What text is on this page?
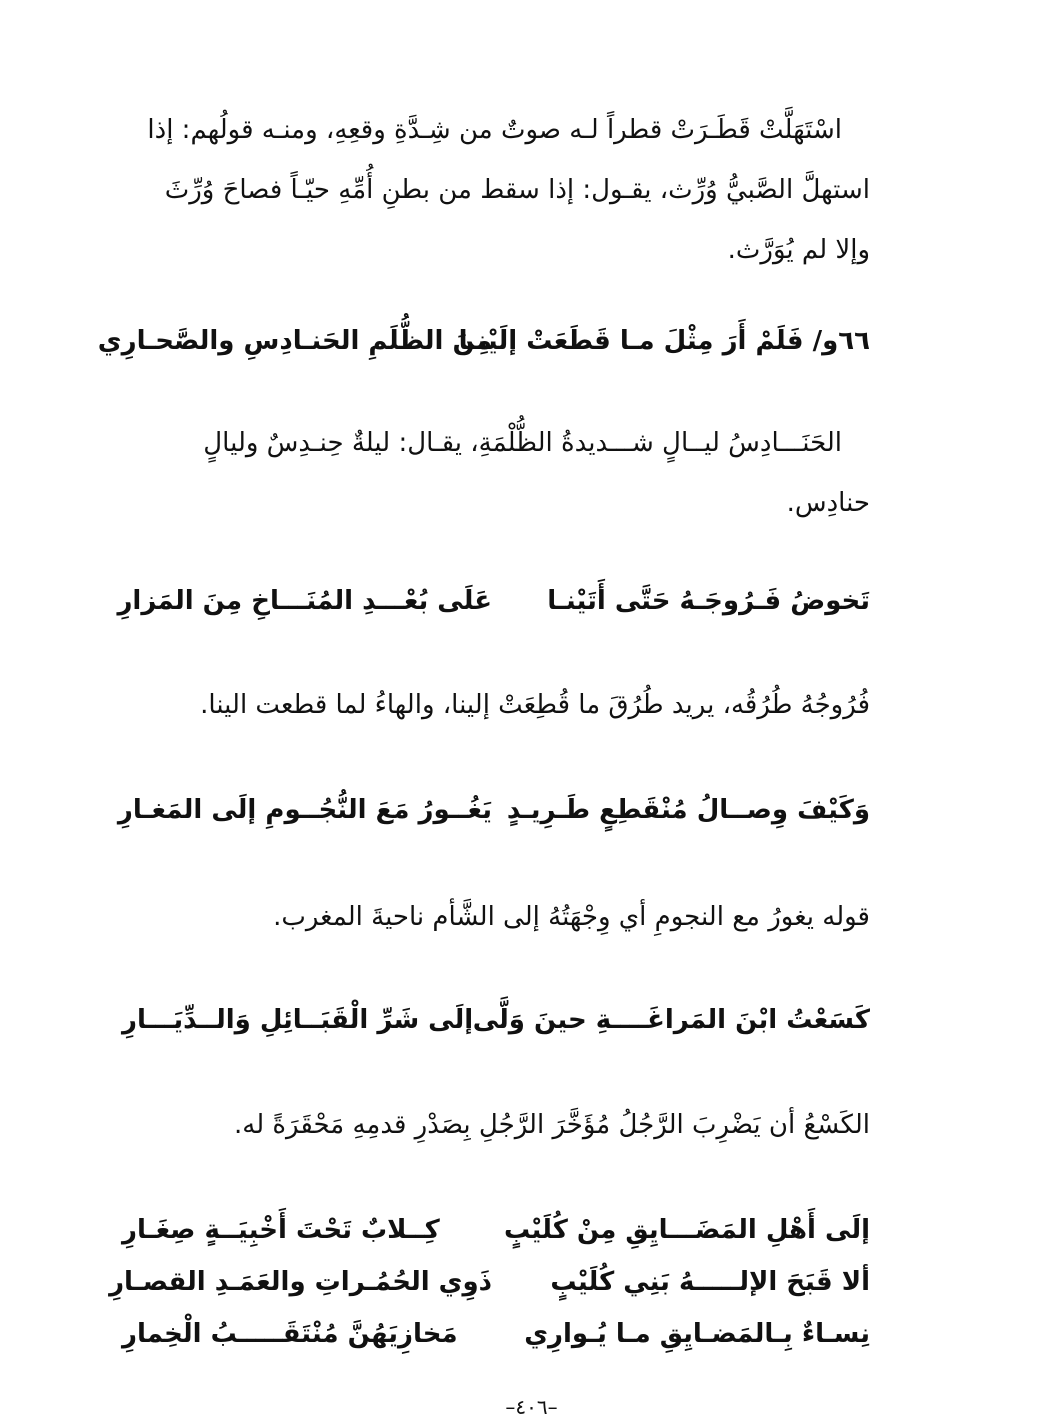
اسْتَهَلَّتْ قَطَـرَتْ قطراً لـه صوتٌ من شِـدَّةِ وقعِهِ، ومنـه قولُهم: إذا
استهلَّ الصَّبيُّ وُرِّث، يقـول: إذا سقط من بطنِ أُمِّهِ حيّـاً فصاحَ وُرِّثَ
وإلا لم يُوَرَّث.
٦٦و/ فَلَمْ أَرَ مِثْلَ مـا قَطَعَتْ إلَيْنـا
مِنَ الظُّلَمِ الحَنـادِسِ والصَّحـارِي
الحَنَـــادِسُ ليــالٍ شـــديدةُ الظُّلْمَةِ، يقـال: ليلةٌ حِنـدِسٌ وليالٍ
حنادِس.
تَخوضُ فَـرُوجَـهُ حَتَّى أَتَيْنـا
عَلَى بُعْـــدِ المُنَـــاخِ مِنَ المَزارِ
فُرُوجُهُ طُرُقُه، يريد طُرُقَ ما قُطِعَتْ إلينا، والهاءُ لما قطعت الينا.
وَكَيْفَ وِصــالُ مُنْقَطِعٍ طَـرِيـدٍ
يَغُــورُ مَعَ النُّجُــومِ إلَى المَغـارِ
قوله يغورُ مع النجومِ أي وِجْهَتُهُ إلى الشَّأم ناحيةَ المغرب.
كَسَعْتُ ابْنَ المَراغَــــةِ حينَ وَلَّى
إلَى شَرِّ الْقَبَــائِلِ وَالــدِّيَـــارِ
الكَسْعُ أن يَضْرِبَ الرَّجُلُ مُؤَخَّرَ الرَّجُلِ بِصَدْرِ قدمِهِ مَحْقَرَةً له.
إلَى أَهْلِ المَضَـــايِقِ مِنْ كُلَيْبٍ
كِــلابٌ تَحْتَ أَخْبِيَــةٍ صِغَـارِ
ألا قَبَحَ الإلـــــهُ بَنِي كُلَيْبٍ
ذَوِي الحُمُـراتِ والعَمَـدِ القصـارِ
نِسـاءٌ بِـالمَضـايِقِ مـا يُـوارِي
مَخازِيَهُنَّ مُنْتَقَـــــبُ الْخِمارِ
–٤٠٦–
